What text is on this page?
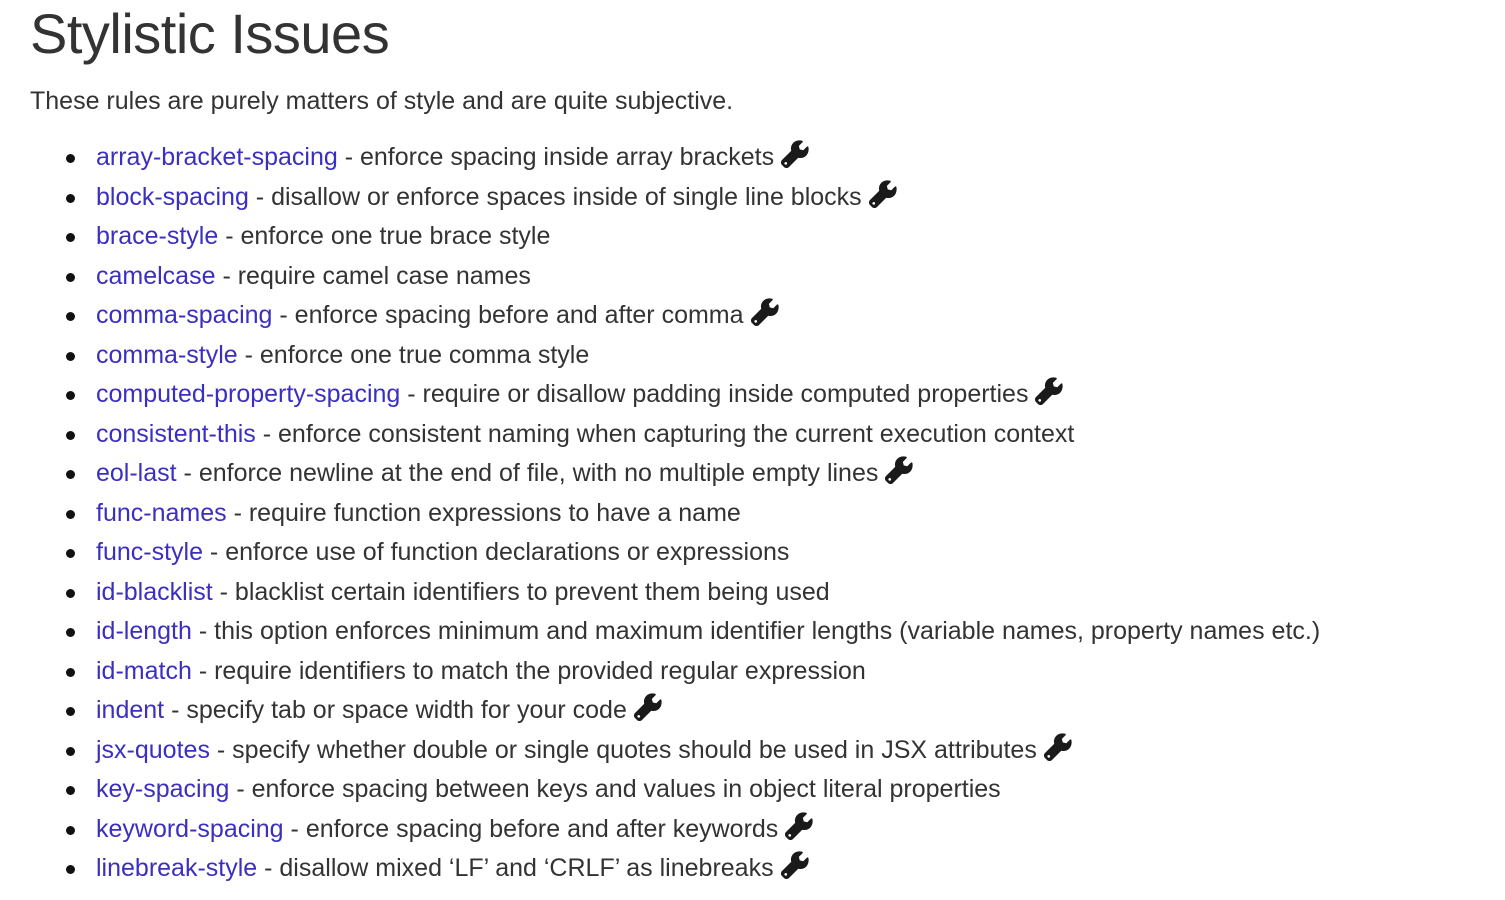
Stylistic Issues

These rules are purely matters of style and are quite subjective.

array-bracket-spacing - enforce spacing inside array brackets
block-spacing - disallow or enforce spaces inside of single line blocks
brace-style - enforce one true brace style
camelcase - require camel case names
comma-spacing - enforce spacing before and after comma
comma-style - enforce one true comma style
computed-property-spacing - require or disallow padding inside computed properties
consistent-this - enforce consistent naming when capturing the current execution context
eol-last - enforce newline at the end of file, with no multiple empty lines
func-names - require function expressions to have a name
func-style - enforce use of function declarations or expressions
id-blacklist - blacklist certain identifiers to prevent them being used
id-length - this option enforces minimum and maximum identifier lengths (variable names, property names etc.)
id-match - require identifiers to match the provided regular expression
indent - specify tab or space width for your code
jsx-quotes - specify whether double or single quotes should be used in JSX attributes
key-spacing - enforce spacing between keys and values in object literal properties
keyword-spacing - enforce spacing before and after keywords
linebreak-style - disallow mixed ‘LF’ and ‘CRLF’ as linebreaks
